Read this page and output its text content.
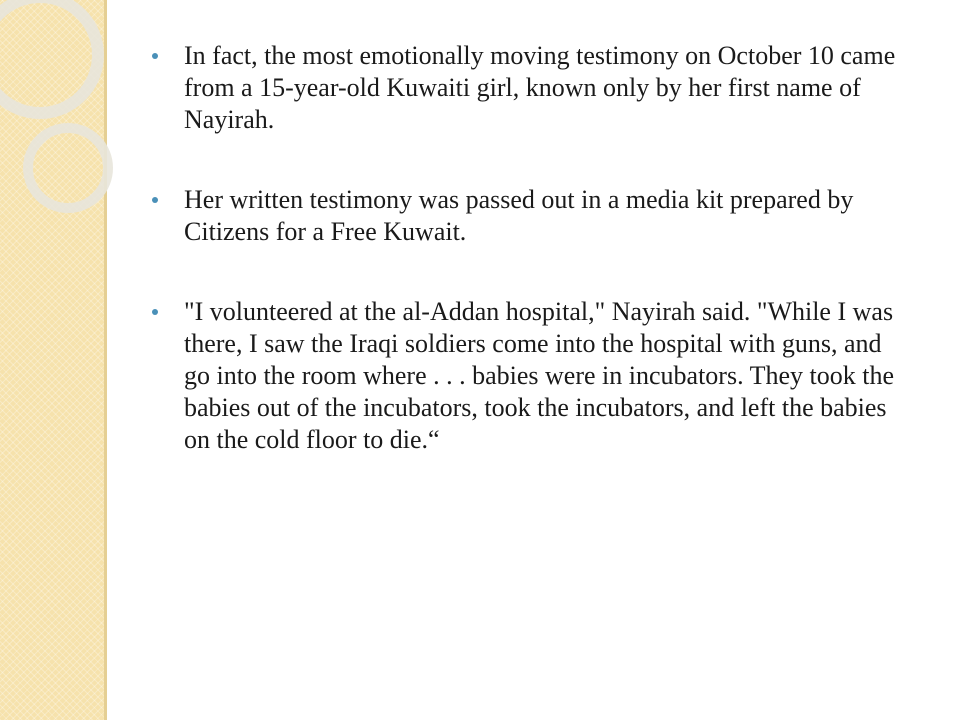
In fact, the most emotionally moving testimony on October 10 came from a 15-year-old Kuwaiti girl, known only by her first name of Nayirah.
Her written testimony was passed out in a media kit prepared by Citizens for a Free Kuwait.
"I volunteered at the al-Addan hospital," Nayirah said. "While I was there, I saw the Iraqi soldiers come into the hospital with guns, and go into the room where . . . babies were in incubators. They took the babies out of the incubators, took the incubators, and left the babies on the cold floor to die.“
